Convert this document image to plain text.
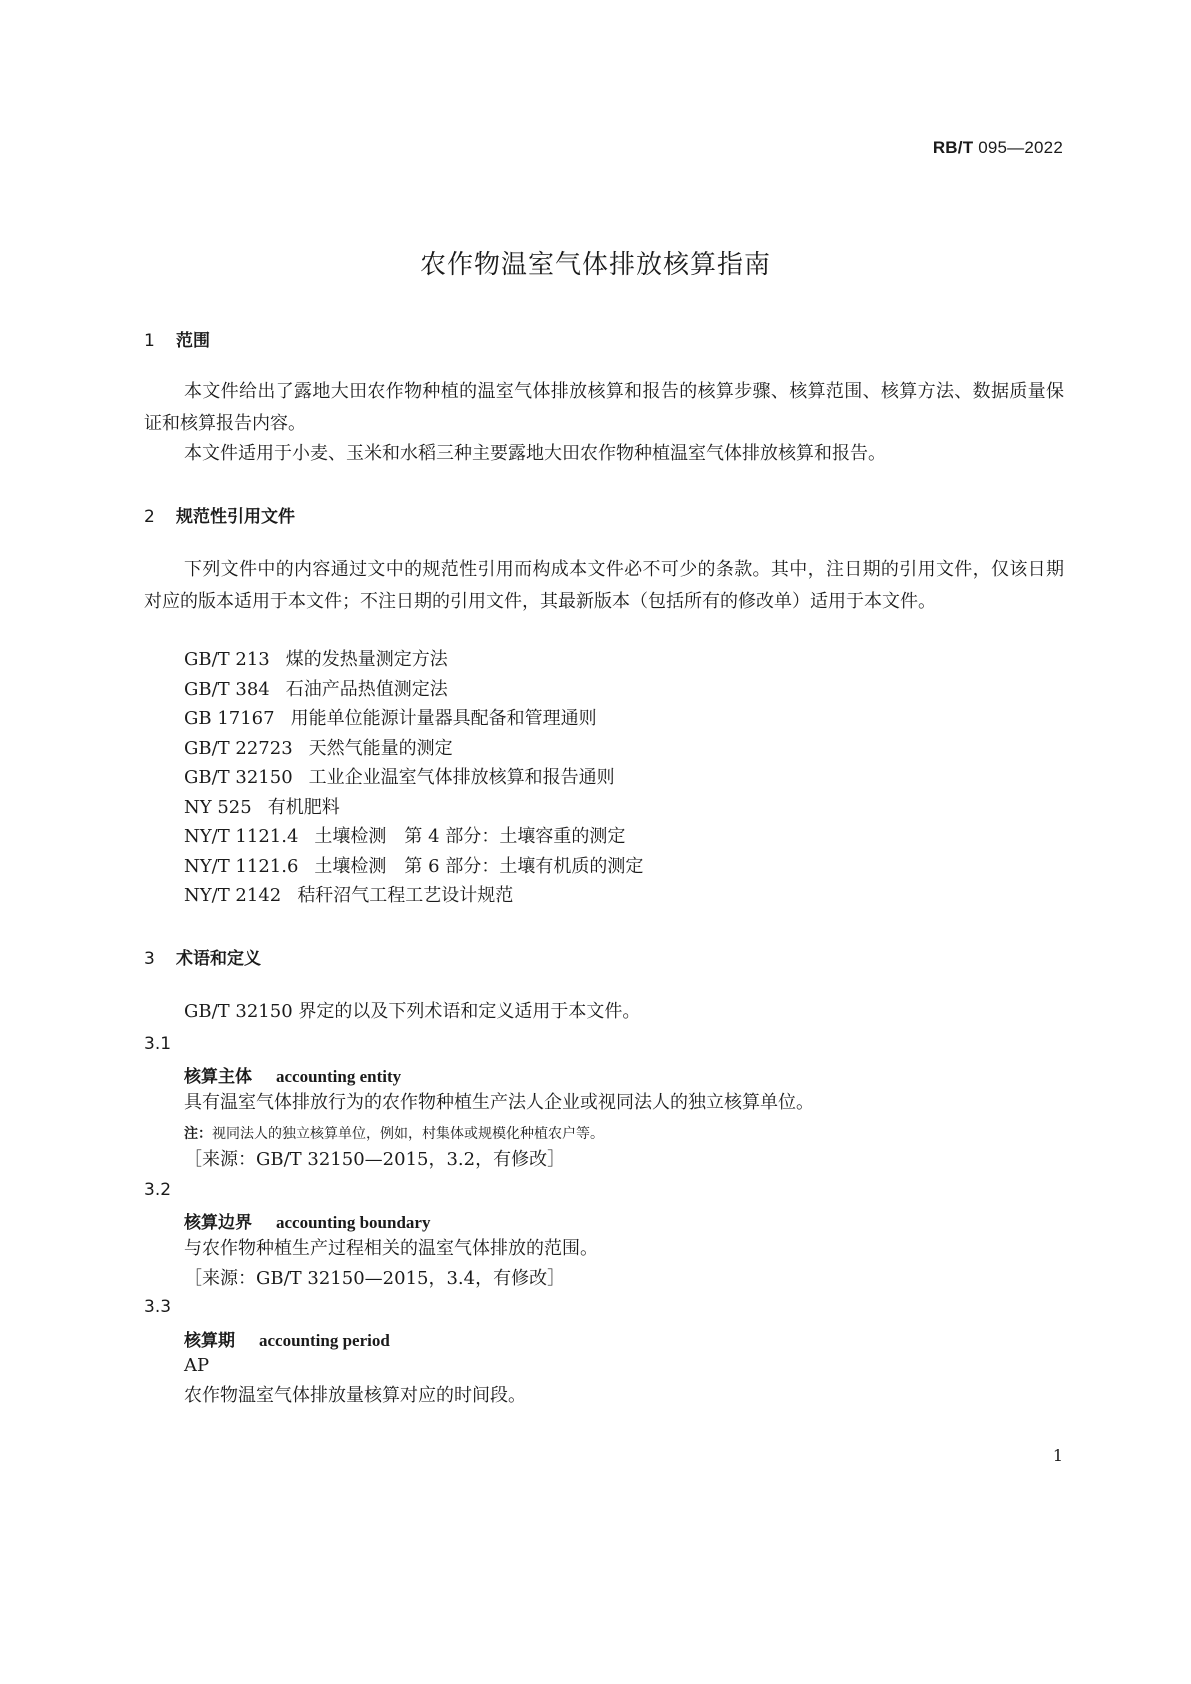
RB/T 095—2022
农作物温室气体排放核算指南
1 范围
本文件给出了露地大田农作物种植的温室气体排放核算和报告的核算步骤、核算范围、核算方法、数据质量保证和核算报告内容。
本文件适用于小麦、玉米和水稻三种主要露地大田农作物种植温室气体排放核算和报告。
2 规范性引用文件
下列文件中的内容通过文中的规范性引用而构成本文件必不可少的条款。其中，注日期的引用文件，仅该日期对应的版本适用于本文件；不注日期的引用文件，其最新版本（包括所有的修改单）适用于本文件。
GB/T 213 煤的发热量测定方法
GB/T 384 石油产品热值测定法
GB 17167 用能单位能源计量器具配备和管理通则
GB/T 22723 天然气能量的测定
GB/T 32150 工业企业温室气体排放核算和报告通则
NY 525 有机肥料
NY/T 1121.4 土壤检测　第 4 部分：土壤容重的测定
NY/T 1121.6 土壤检测　第 6 部分：土壤有机质的测定
NY/T 2142 秸秆沼气工程工艺设计规范
3 术语和定义
GB/T 32150 界定的以及下列术语和定义适用于本文件。
3.1
核算主体 accounting entity
具有温室气体排放行为的农作物种植生产法人企业或视同法人的独立核算单位。
注：视同法人的独立核算单位，例如，村集体或规模化种植农户等。
［来源：GB/T 32150—2015，3.2，有修改］
3.2
核算边界 accounting boundary
与农作物种植生产过程相关的温室气体排放的范围。
［来源：GB/T 32150—2015，3.4，有修改］
3.3
核算期 accounting period
AP
农作物温室气体排放量核算对应的时间段。
1
